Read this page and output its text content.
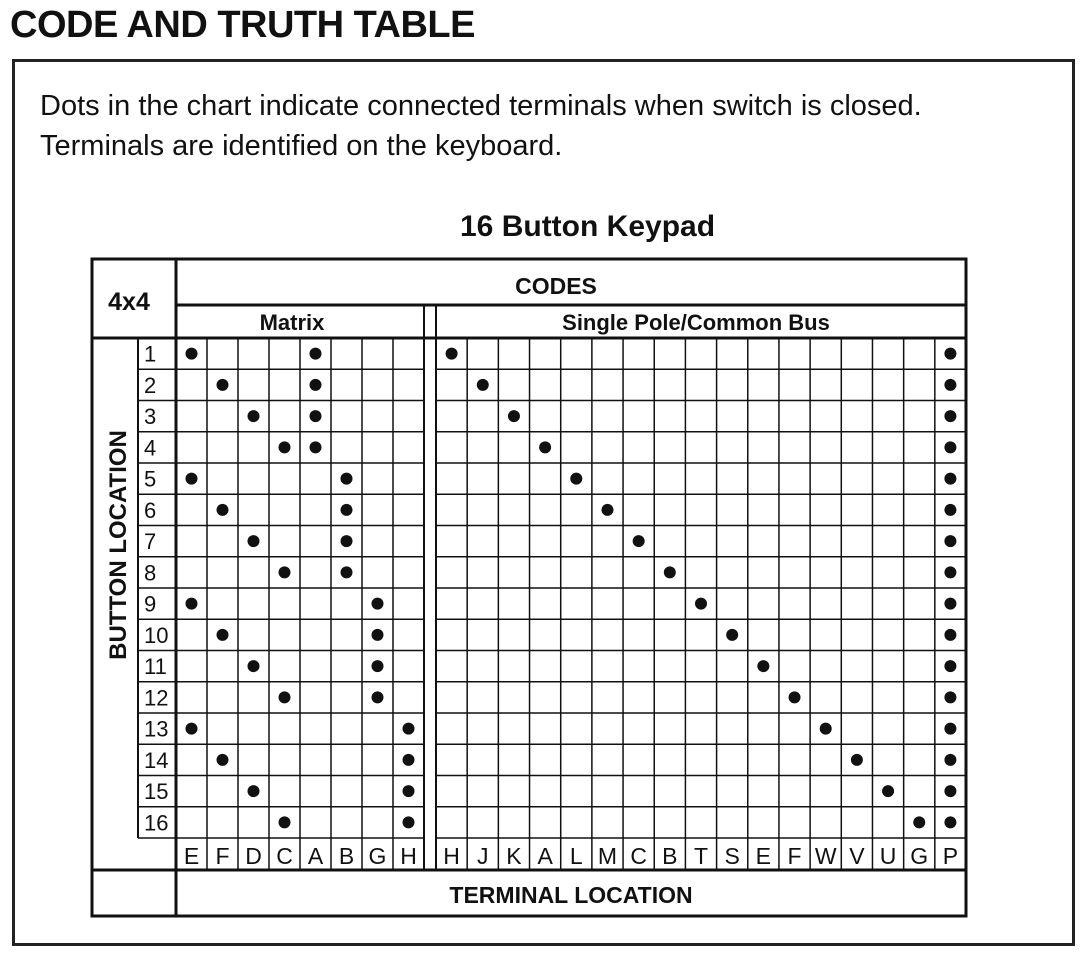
CODE AND TRUTH TABLE
Dots in the chart indicate connected terminals when switch is closed.
Terminals are identified on the keyboard.
16 Button Keypad
4x4
CODES
Matrix	Single Pole/Common Bus
BUTTON LOCATION
TERMINAL LOCATION
1
2
3
4
5
6
7
8
9
10
11
12
13
14
15
16
E F D C A B G H H J K A L M C B T S E F W V U G P
